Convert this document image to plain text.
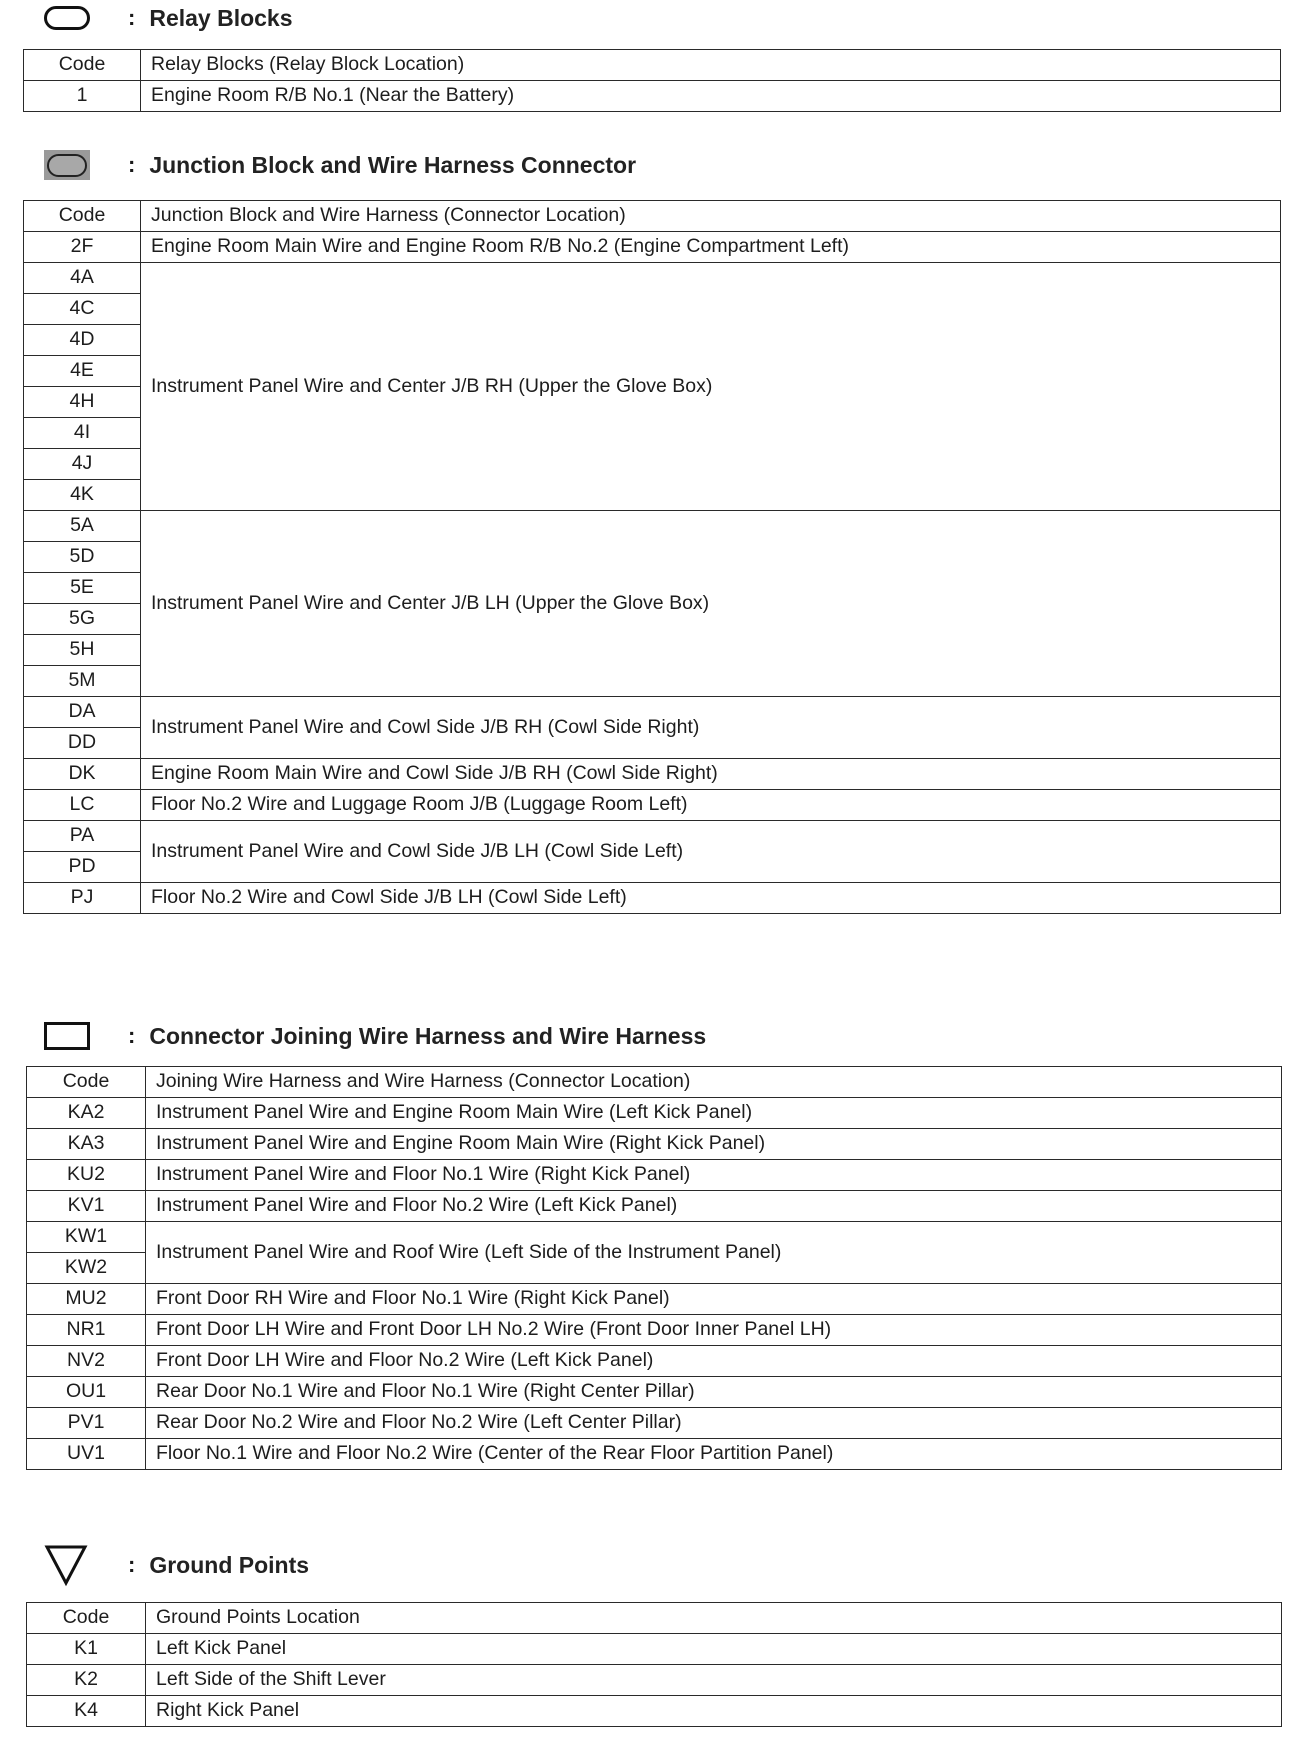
: Relay Blocks
Code	Relay Blocks (Relay Block Location)
1	Engine Room R/B No.1 (Near the Battery)
: Junction Block and Wire Harness Connector
Code	Junction Block and Wire Harness (Connector Location)
2F	Engine Room Main Wire and Engine Room R/B No.2 (Engine Compartment Left)
4A	Instrument Panel Wire and Center J/B RH (Upper the Glove Box)
4C	
4D	
4E	
4H	
4I	
4J	
4K	
5A	Instrument Panel Wire and Center J/B LH (Upper the Glove Box)
5D	
5E	
5G	
5H	
5M	
DA	Instrument Panel Wire and Cowl Side J/B RH (Cowl Side Right)
DD	
DK	Engine Room Main Wire and Cowl Side J/B RH (Cowl Side Right)
LC	Floor No.2 Wire and Luggage Room J/B (Luggage Room Left)
PA	Instrument Panel Wire and Cowl Side J/B LH (Cowl Side Left)
PD	
PJ	Floor No.2 Wire and Cowl Side J/B LH (Cowl Side Left)
: Connector Joining Wire Harness and Wire Harness
Code	Joining Wire Harness and Wire Harness (Connector Location)
KA2	Instrument Panel Wire and Engine Room Main Wire (Left Kick Panel)
KA3	Instrument Panel Wire and Engine Room Main Wire (Right Kick Panel)
KU2	Instrument Panel Wire and Floor No.1 Wire (Right Kick Panel)
KV1	Instrument Panel Wire and Floor No.2 Wire (Left Kick Panel)
KW1	Instrument Panel Wire and Roof Wire (Left Side of the Instrument Panel)
KW2	
MU2	Front Door RH Wire and Floor No.1 Wire (Right Kick Panel)
NR1	Front Door LH Wire and Front Door LH No.2 Wire (Front Door Inner Panel LH)
NV2	Front Door LH Wire and Floor No.2 Wire (Left Kick Panel)
OU1	Rear Door No.1 Wire and Floor No.1 Wire (Right Center Pillar)
PV1	Rear Door No.2 Wire and Floor No.2 Wire (Left Center Pillar)
UV1	Floor No.1 Wire and Floor No.2 Wire (Center of the Rear Floor Partition Panel)
: Ground Points
Code	Ground Points Location
K1	Left Kick Panel
K2	Left Side of the Shift Lever
K4	Right Kick Panel
